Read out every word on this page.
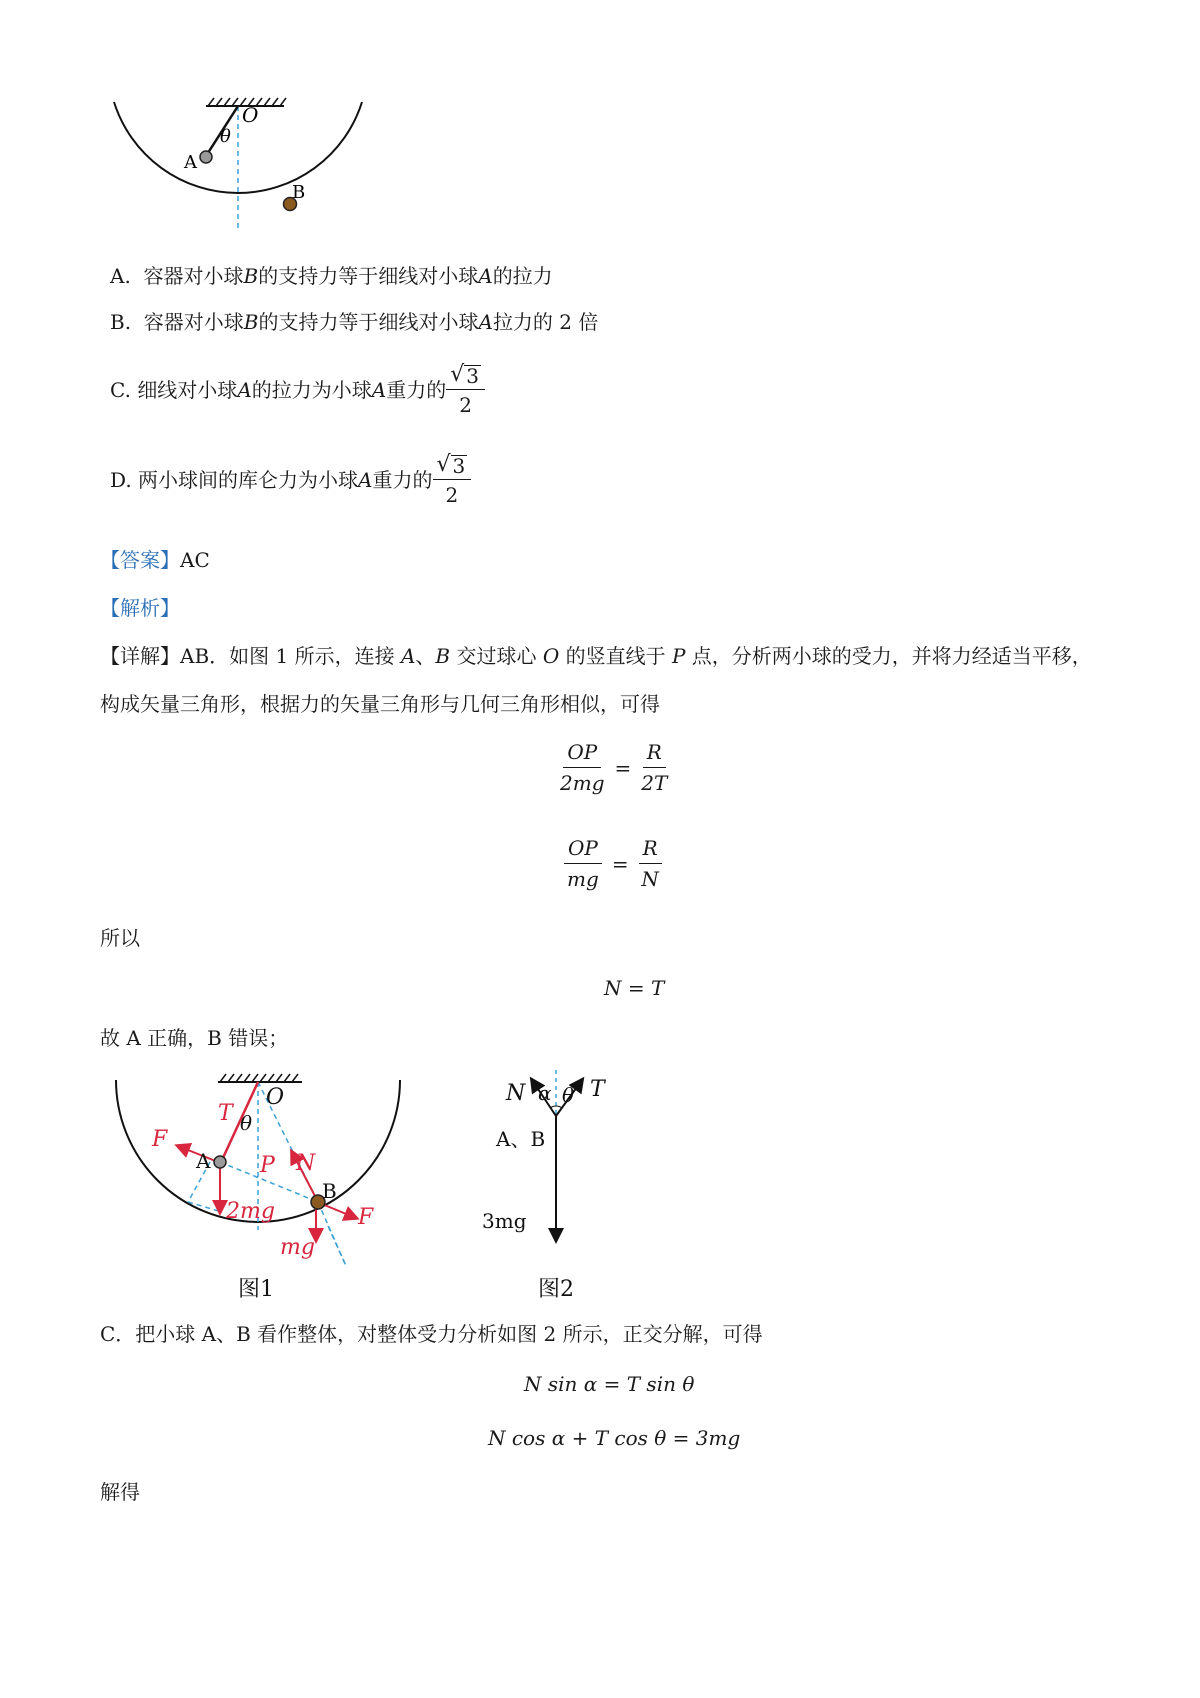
O
θ
A
B
A. 容器对小球B的支持力等于细线对小球A的拉力
B. 容器对小球B的支持力等于细线对小球A拉力的 2 倍
C.
细线对小球 A 的拉力为小球 A 重力的 $\frac{√ 3}{2}$
D.
两小球间的库仑力为小球 A 重力的 $\frac{√ 3}{2}$
【答案】AC
【解析】
【详解】AB．如图 1 所示，连接 A、B 交过球心 O 的竖直线于 P 点，分析两小球的受力，并将力经适当平移，
构成矢量三角形，根据力的矢量三角形与几何三角形相似，可得
$\frac{OP}{2mg} = \frac{R}{2T}$
$\frac{OP}{mg} = \frac{R}{N}$
所以
N = T
故 A 正确，B 错误；
O
T θ
F
A P N
B
2mg	F
mg
图1
N α θ T
A、B
3mg
图2
C．把小球 A、B 看作整体，对整体受力分析如图 2 所示，正交分解，可得
N sin α = T sin θ
N cos α + T cos θ = 3mg
解得
